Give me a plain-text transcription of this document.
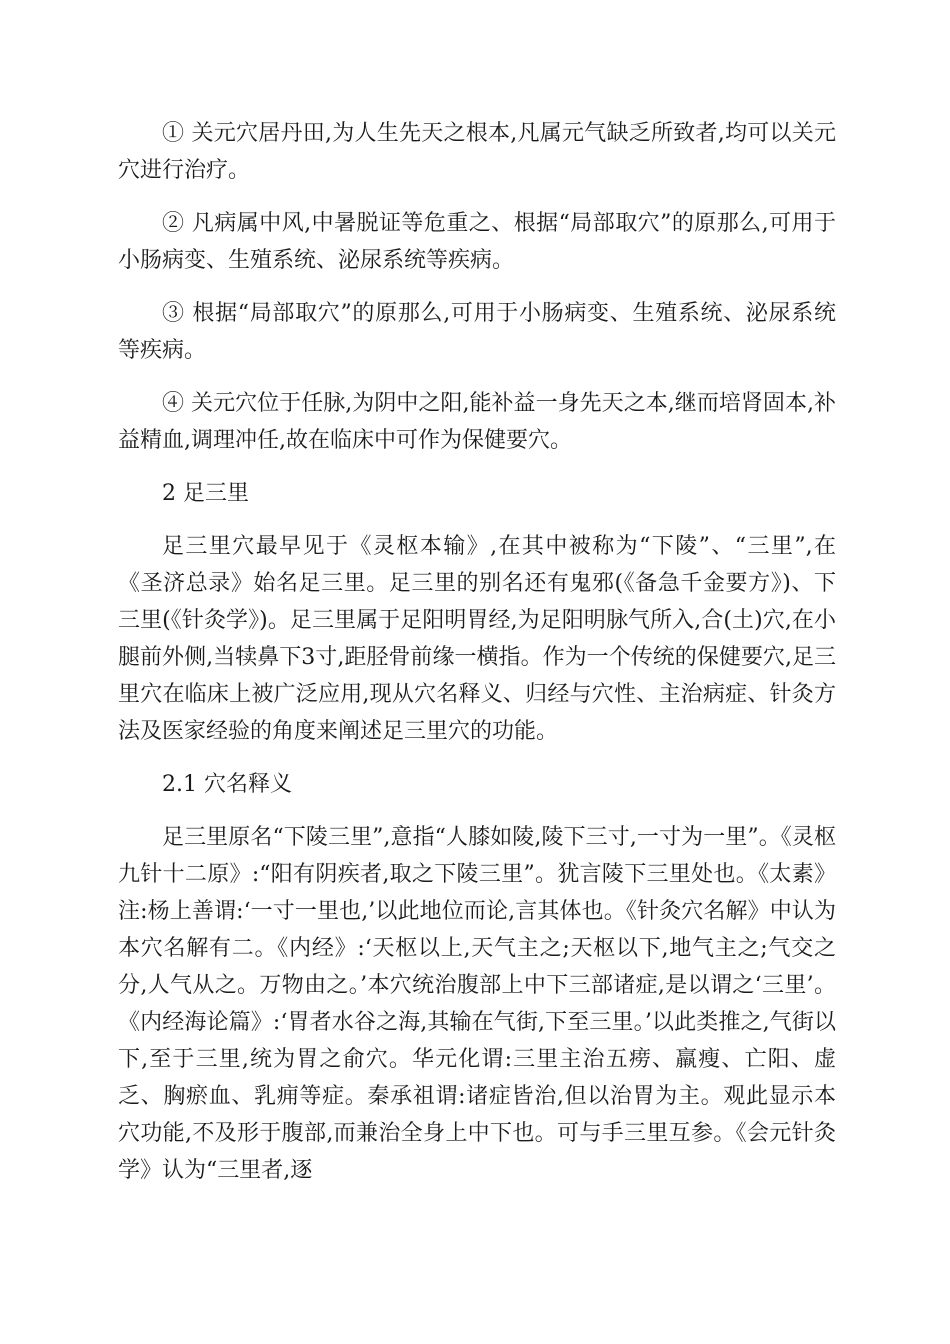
① 关元穴居丹田,为人生先天之根本,凡属元气缺乏所致者,均可以关元穴进行治疗。

② 凡病属中风,中暑脱证等危重之、根据“局部取穴”的原那么,可用于小肠病变、生殖系统、泌尿系统等疾病。

③ 根据“局部取穴”的原那么,可用于小肠病变、生殖系统、泌尿系统等疾病。

④ 关元穴位于任脉,为阴中之阳,能补益一身先天之本,继而培肾固本,补益精血,调理冲任,故在临床中可作为保健要穴。

2 足三里

足三里穴最早见于《灵枢本输》,在其中被称为“下陵”、“三里”,在《圣济总录》始名足三里。足三里的别名还有鬼邪(《备急千金要方》)、下三里(《针灸学》)。足三里属于足阳明胃经,为足阳明脉气所入,合(土)穴,在小腿前外侧,当犊鼻下3寸,距胫骨前缘一横指。作为一个传统的保健要穴,足三里穴在临床上被广泛应用,现从穴名释义、归经与穴性、主治病症、针灸方法及医家经验的角度来阐述足三里穴的功能。

2.1 穴名释义

足三里原名“下陵三里”,意指“人膝如陵,陵下三寸,一寸为一里”。《灵枢九针十二原》:“阳有阴疾者,取之下陵三里”。犹言陵下三里处也。《太素》注:杨上善谓:‘一寸一里也,’以此地位而论,言其体也。《针灸穴名解》中认为本穴名解有二。《内经》:‘天枢以上,天气主之;天枢以下,地气主之;气交之分,人气从之。万物由之。’本穴统治腹部上中下三部诸症,是以谓之‘三里’。《内经海论篇》:‘胃者水谷之海,其输在气街,下至三里。’以此类推之,气街以下,至于三里,统为胃之俞穴。华元化谓:三里主治五痨、羸瘦、亡阳、虚乏、胸瘀血、乳痈等症。秦承祖谓:诸症皆治,但以治胃为主。观此显示本穴功能,不及形于腹部,而兼治全身上中下也。可与手三里互参。《会元针灸学》认为“三里者,逐
